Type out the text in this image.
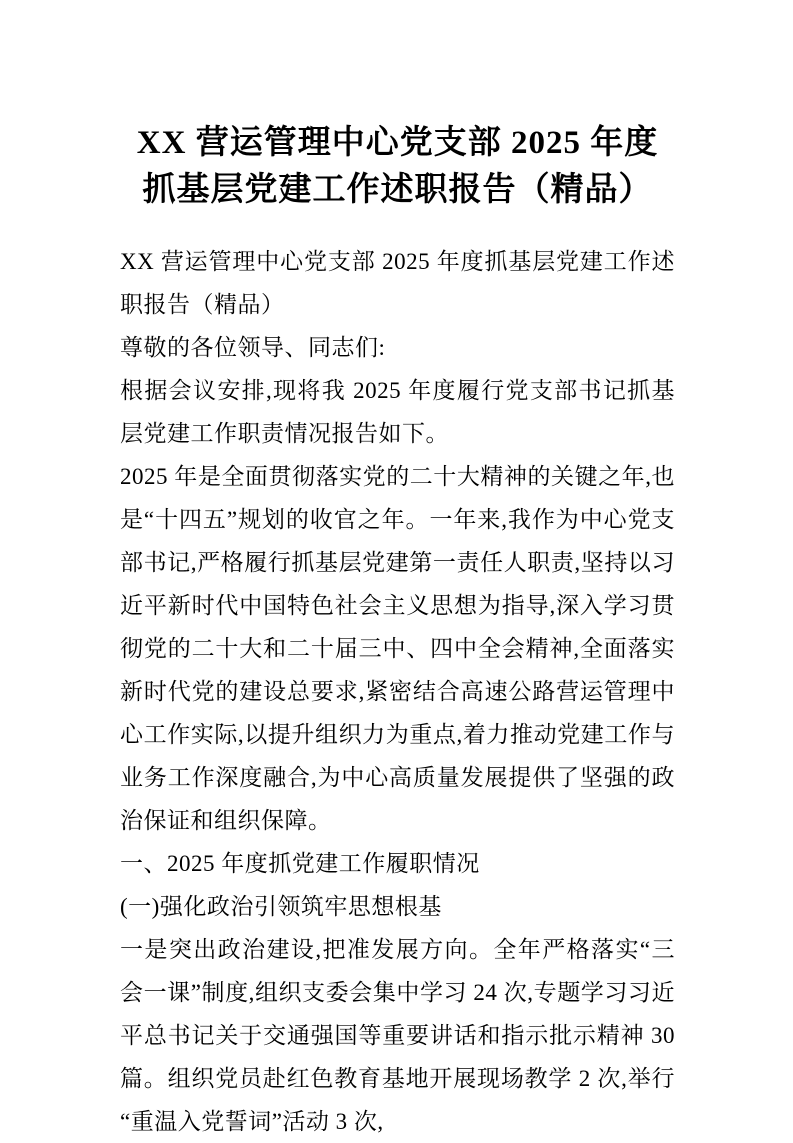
XX 营运管理中心党支部 2025 年度抓基层党建工作述职报告（精品）

XX 营运管理中心党支部 2025 年度抓基层党建工作述职报告（精品）

尊敬的各位领导、同志们:

根据会议安排,现将我 2025 年度履行党支部书记抓基层党建工作职责情况报告如下。

2025 年是全面贯彻落实党的二十大精神的关键之年,也是“十四五”规划的收官之年。一年来,我作为中心党支部书记,严格履行抓基层党建第一责任人职责,坚持以习近平新时代中国特色社会主义思想为指导,深入学习贯彻党的二十大和二十届三中、四中全会精神,全面落实新时代党的建设总要求,紧密结合高速公路营运管理中心工作实际,以提升组织力为重点,着力推动党建工作与业务工作深度融合,为中心高质量发展提供了坚强的政治保证和组织保障。

一、2025 年度抓党建工作履职情况

(一)强化政治引领筑牢思想根基

一是突出政治建设,把准发展方向。全年严格落实“三会一课”制度,组织支委会集中学习 24 次,专题学习习近平总书记关于交通强国等重要讲话和指示批示精神 30 篇。组织党员赴红色教育基地开展现场教学 2 次,举行“重温入党誓词”活动 3 次,
